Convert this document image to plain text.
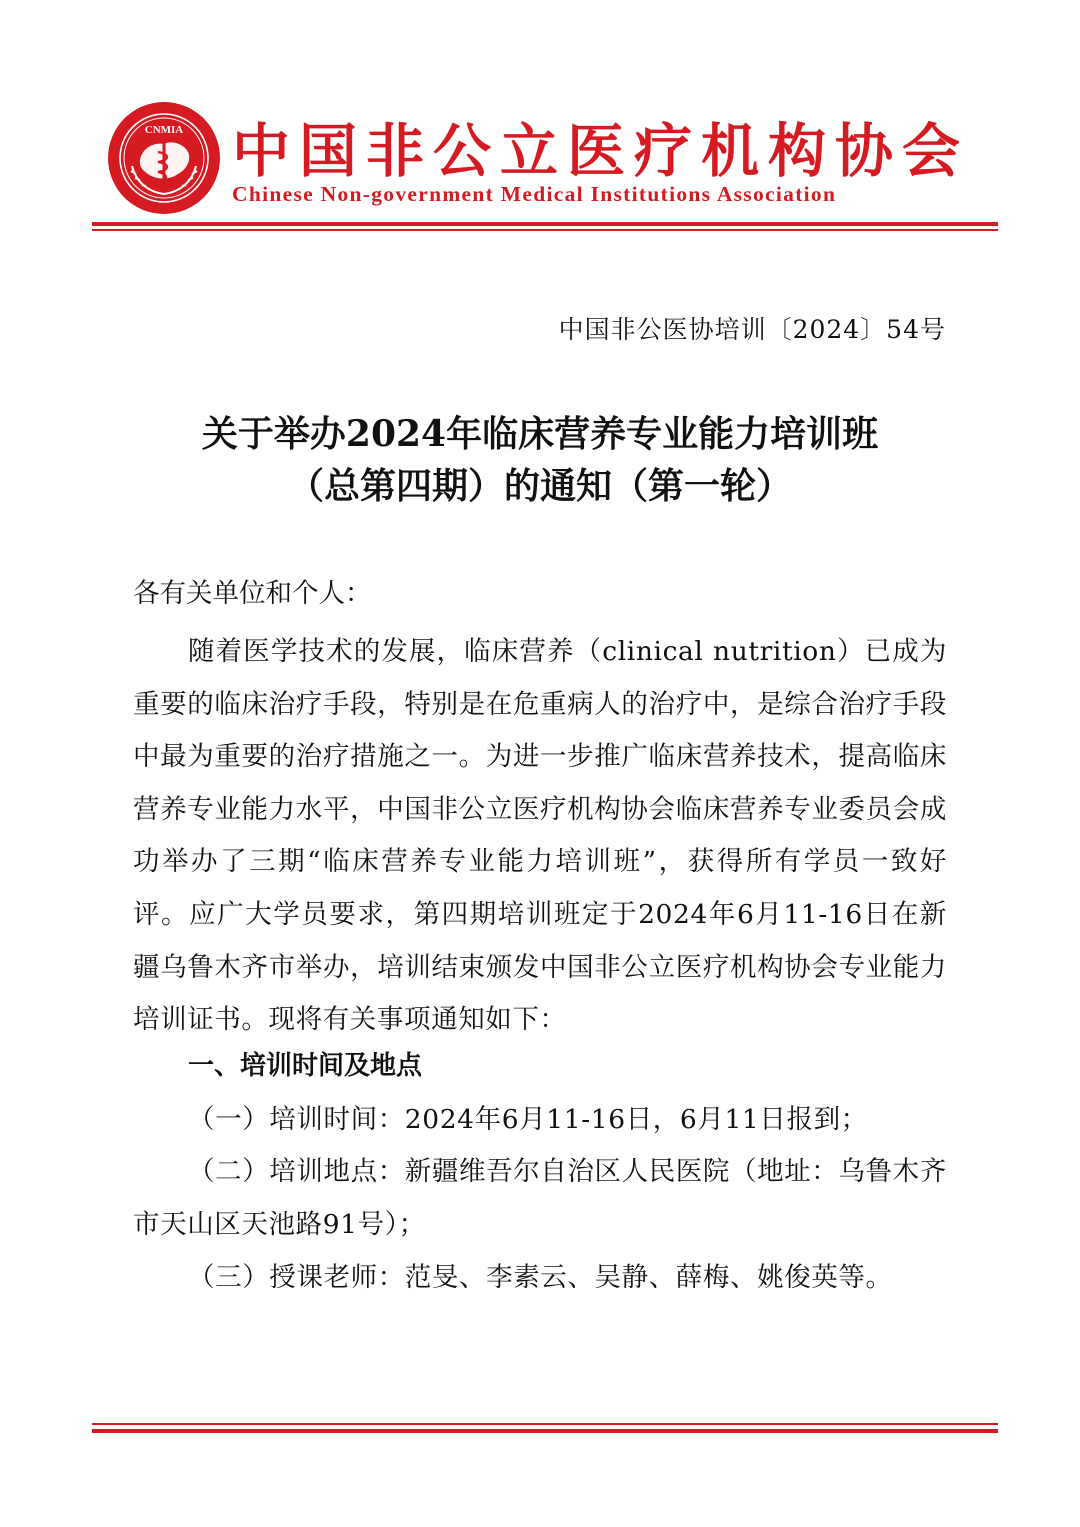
CNMIA 中国非公立医疗机构协会
Chinese Non-government Medical Institutions Association

中国非公医协培训〔2024〕54号

关于举办2024年临床营养专业能力培训班
（总第四期）的通知（第一轮）

各有关单位和个人：

随着医学技术的发展，临床营养（clinical nutrition）已成为重要的临床治疗手段，特别是在危重病人的治疗中，是综合治疗手段中最为重要的治疗措施之一。为进一步推广临床营养技术，提高临床营养专业能力水平，中国非公立医疗机构协会临床营养专业委员会成功举办了三期“临床营养专业能力培训班”，获得所有学员一致好评。应广大学员要求，第四期培训班定于2024年6月11-16日在新疆乌鲁木齐市举办，培训结束颁发中国非公立医疗机构协会专业能力培训证书。现将有关事项通知如下：

一、培训时间及地点

（一）培训时间：2024年6月11-16日，6月11日报到；

（二）培训地点：新疆维吾尔自治区人民医院（地址：乌鲁木齐市天山区天池路91号）；

（三）授课老师：范旻、李素云、吴静、薛梅、姚俊英等。
